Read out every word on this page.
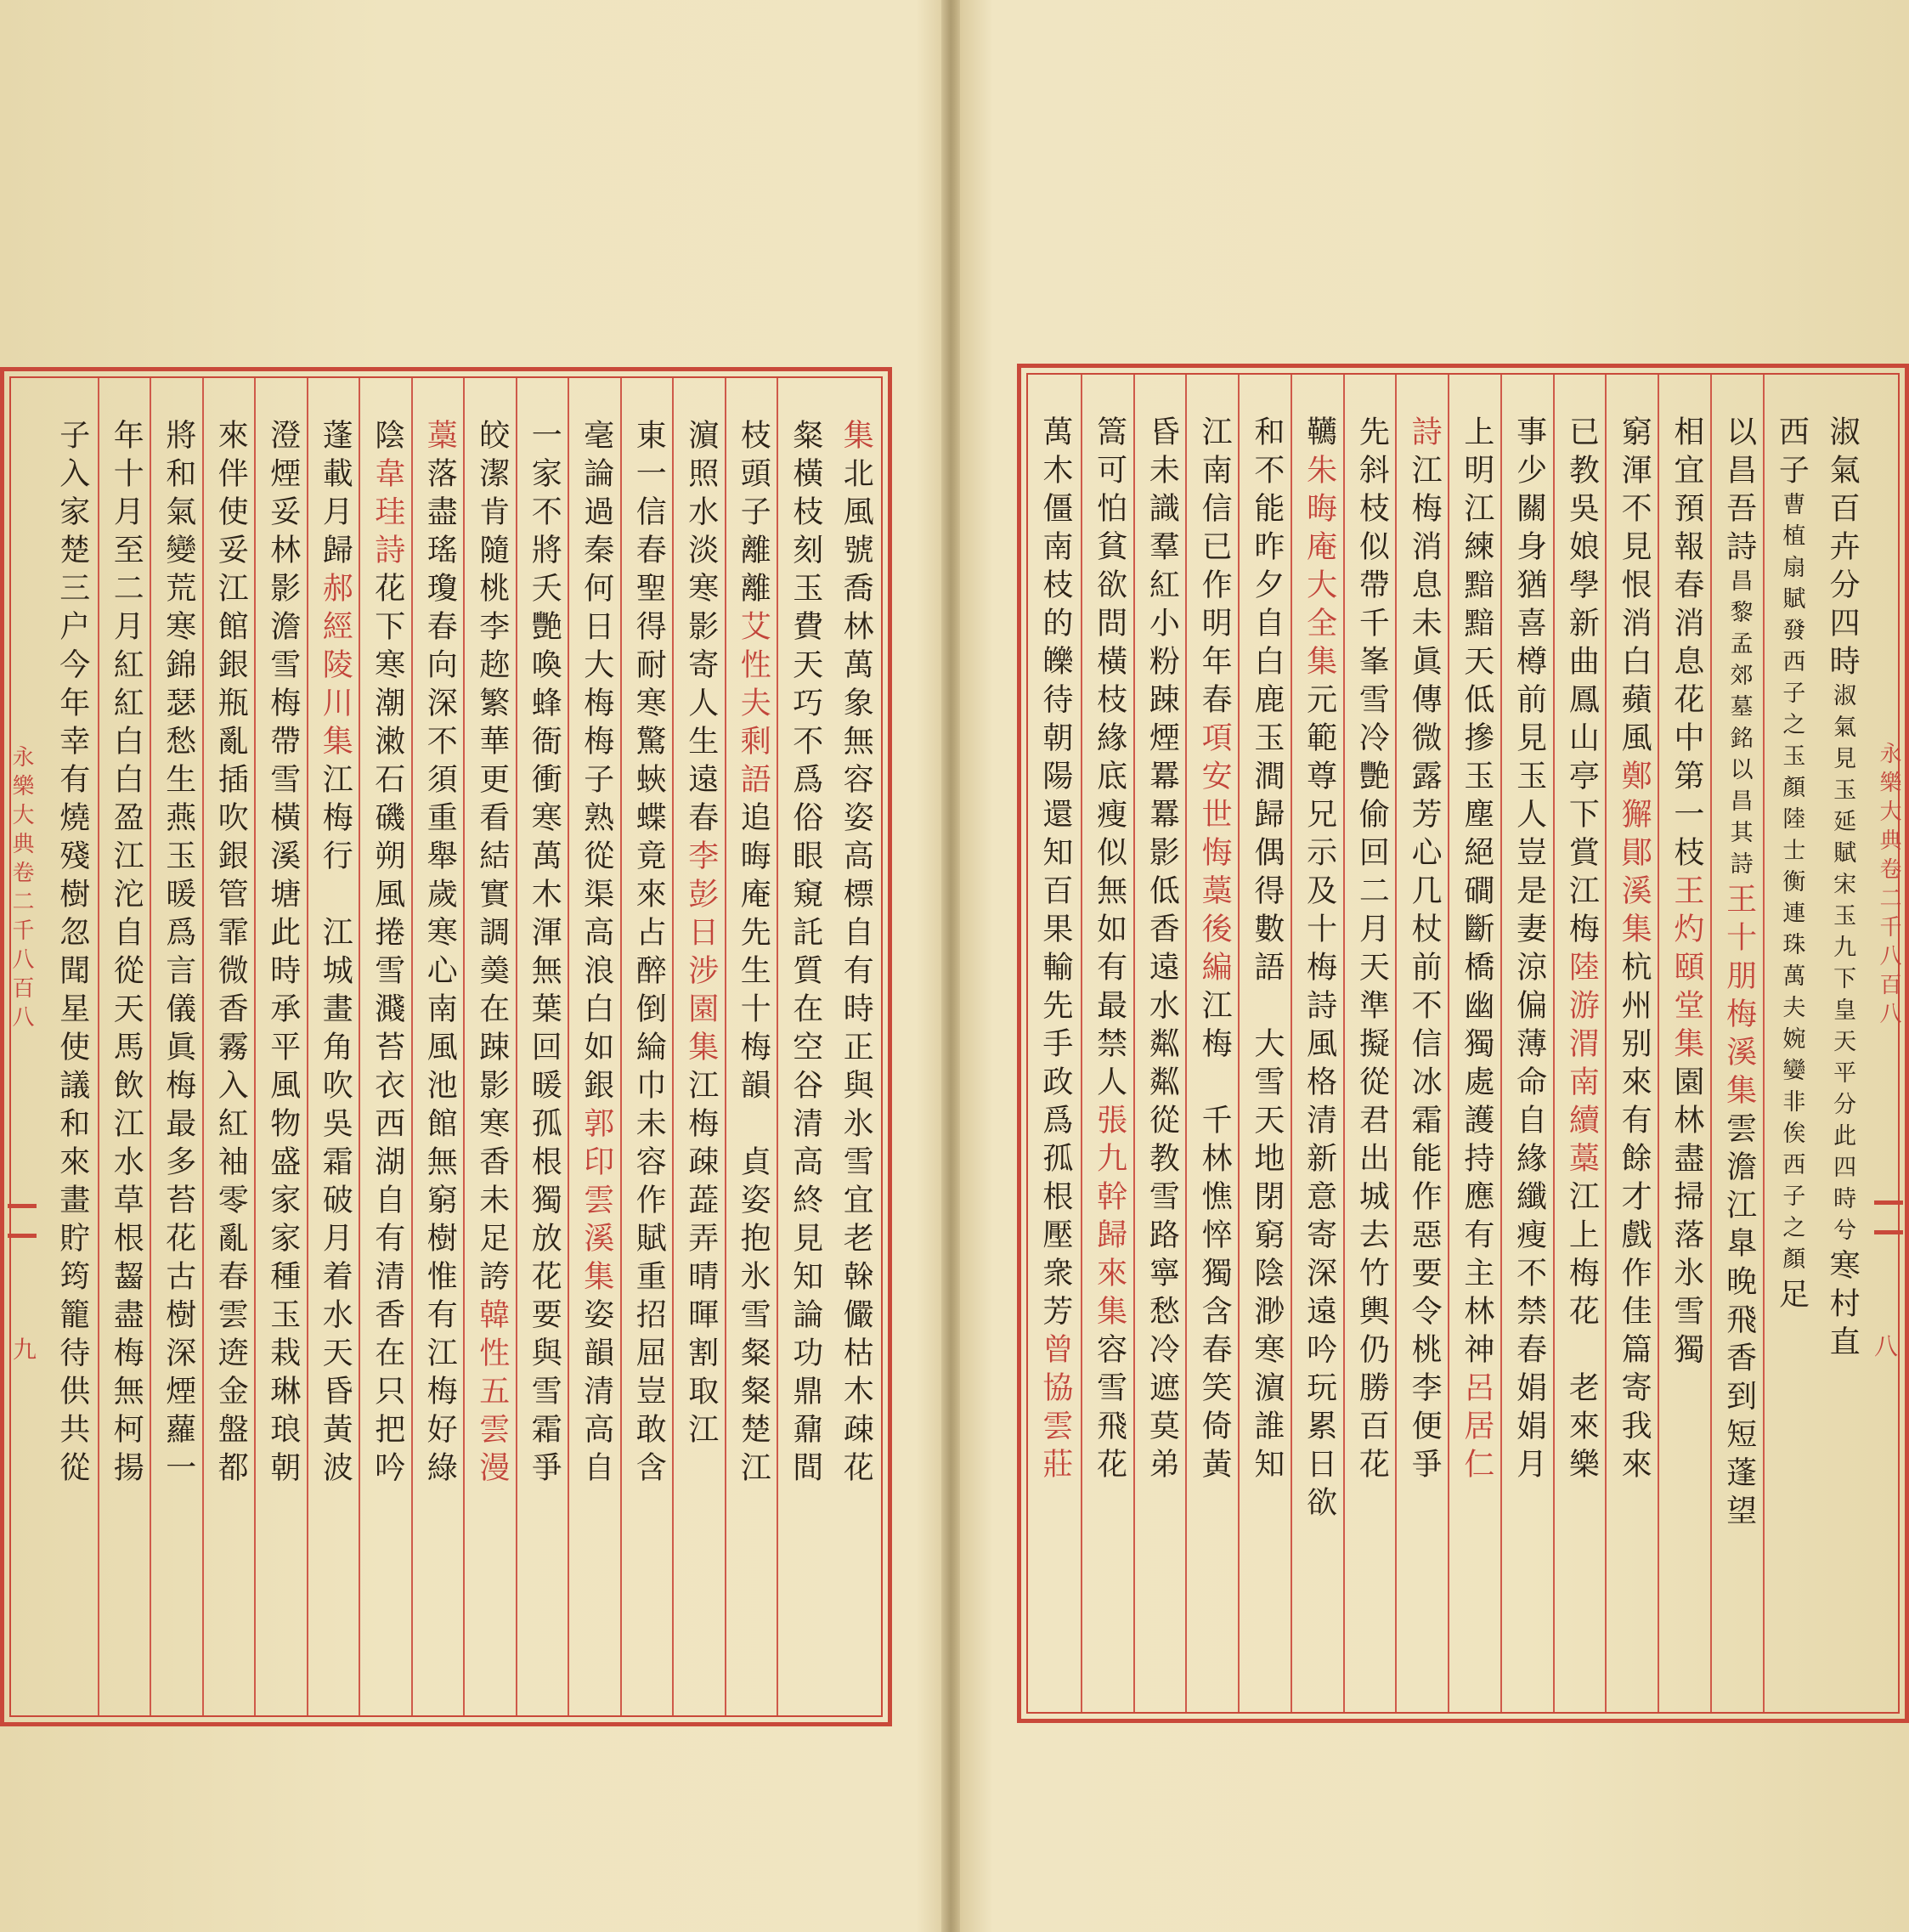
集北風號喬林萬象無容姿高標自有時正與氷雪宜老榦儼枯木疎花
粲橫枝刻玉費天巧不爲俗眼窺託質在空谷清高終見知論功鼎鼐間
枝頭子離離艾性夫剩語追晦庵先生十梅韻　貞姿抱氷雪粲粲楚江
濵照水淡寒影寄人生遠春李彭日涉園集江梅疎蕋弄晴暉割取江
東一信春聖得耐寒驚蛺蝶竟來占醉倒綸巾未容作賦重招屈豈敢含
毫論過秦何日大梅梅子熟從渠高浪白如銀郭印雲溪集姿韻清高自
一家不將夭艷喚蜂衙衝寒萬木渾無葉回暖孤根獨放花要與雪霜爭
皎潔肯隨桃李趂繁華更看結實調羮在踈影寒香未足誇韓性五雲漫
藁落盡瑤瓊春向深不須重舉歲寒心南風池館無窮樹惟有江梅好綠
陰韋珪詩花下寒潮潄石磯朔風捲雪濺苔衣西湖自有清香在只把吟
蓬載月歸郝經陵川集江梅行　江城畫角吹吳霜破月着水天昏黃波
澄煙妥林影澹雪梅帶雪橫溪塘此時承平風物盛家家種玉栽琳琅朝
來伴使妥江館銀瓶亂插吹銀管霏微香霧入紅袖零亂春雲逩金盤都
將和氣變荒寒錦瑟愁生燕玉暖爲言儀眞梅最多苔花古樹深煙蘿一
年十月至二月紅紅白白盈江沱自從天馬飲江水草根齧盡梅無柯揚
子入家楚三户今年幸有燒殘樹忽聞星使議和來畫貯筠籠待供共從
永樂大典卷二千八百八
九
淑氣百卉分四時淑氣見玉延賦宋玉九下皇天平分此四時兮寒村直
西子曹植扇賦發西子之玉顏陸士衡連珠萬夫婉孌非俟西子之顏足
以昌吾詩昌黎孟郊墓銘以昌其詩王十朋梅溪集雲澹江臯晚飛香到短蓬望
相宜預報春消息花中第一枝王灼頤堂集園林盡掃落氷雪獨
窮渾不見恨消白蘋風鄭獬鄖溪集杭州别來有餘才戲作佳篇寄我來
已教吳娘學新曲鳳山亭下賞江梅陸游渭南續藁江上梅花　老來樂
事少關身猶喜樽前見玉人豈是妻涼偏薄命自緣纖瘦不禁春娟娟月
上明江練黯黯天低摻玉塵絕磵斷橋幽獨處護持應有主林神呂居仁
詩江梅消息未眞傳微露芳心几杖前不信冰霜能作惡要令桃李便爭
先斜枝似帶千峯雪冷艷偷回二月天準擬從君出城去竹輿仍勝百花
韉朱晦庵大全集元範尊兄示及十梅詩風格清新意寄深遠吟玩累日欲
和不能昨夕自白鹿玉澗歸偶得數語　大雪天地閉窮陰渺寒濵誰知
江南信已作明年春項安世悔藁後編江梅　千林憔悴獨含春笑倚黃
昏未識羣紅小粉踈煙羃羃影低香遠水粼粼從教雪路寧愁冷遮莫弟
篙可怕貧欲問橫枝緣底瘦似無如有最禁人張九幹歸來集容雪飛花
萬木僵南枝的皪待朝陽還知百果輸先手政爲孤根壓衆芳曾協雲莊
永樂大典卷二千八百八
八
